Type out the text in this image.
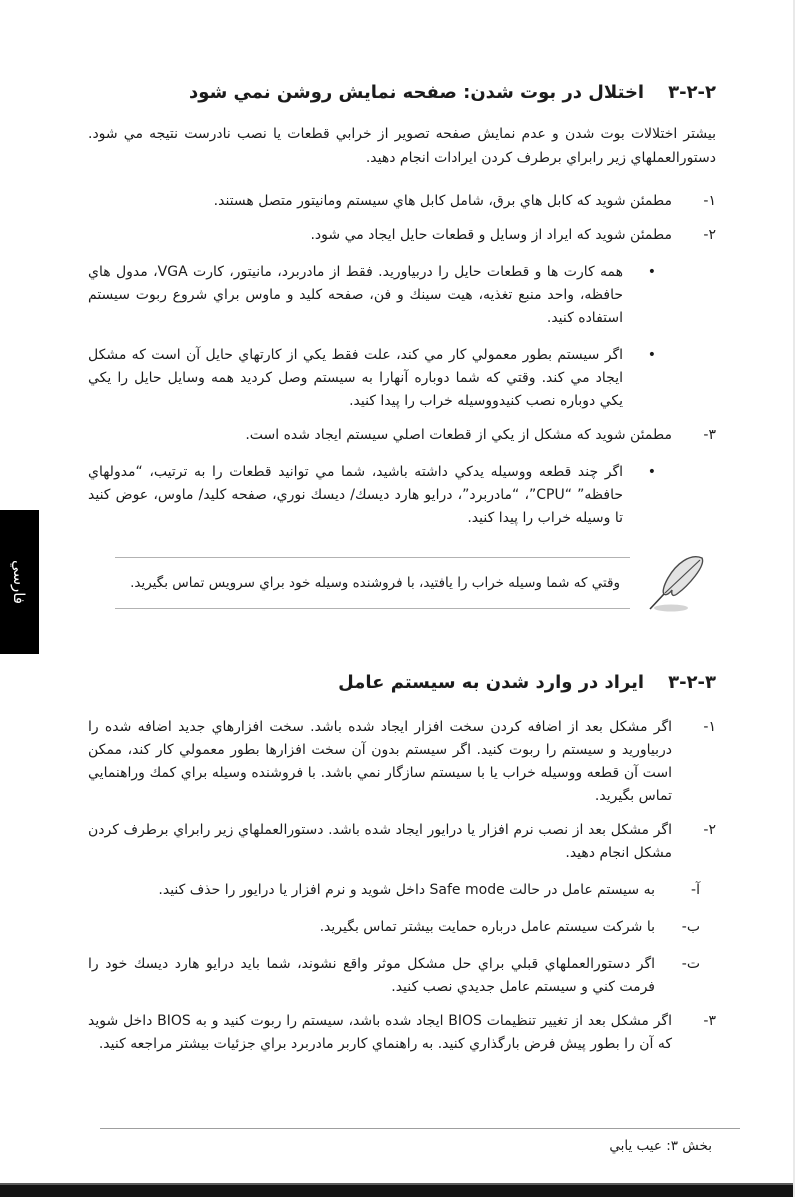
۳-۲-۲
اختلال در بوت شدن: صفحه نمايش روشن نمي شود

بيشتر اختلالات بوت شدن و عدم نمايش صفحه تصوير از خرابي قطعات يا نصب نادرست نتيجه مي شود. دستورالعملهاي زير رابراي برطرف كردن ايرادات انجام دهيد.

۱-
مطمئن شويد كه كابل هاي برق، شامل كابل هاي سيستم ومانيتور متصل هستند.
۲-
مطمئن شويد كه ايراد از وسايل و قطعات حايل ايجاد مي شود.
•
همه كارت ها و قطعات حايل را دربياوريد. فقط از مادربرد، مانيتور، كارت VGA، مدول هاي حافظه، واحد منبع تغذيه، هيت سينك و فن، صفحه كليد و ماوس براي شروع ربوت سيستم استفاده كنيد.
•
اگر سيستم بطور معمولي كار مي كند، علت فقط يكي از كارتهاي حايل آن است كه مشكل ايجاد مي كند. وقتي كه شما دوباره آنهارا به سيستم وصل كرديد همه وسايل حايل را يكي يكي دوباره نصب كنيدووسيله خراب را پيدا كنيد.
۳-
مطمئن شويد كه مشكل از يكي از قطعات اصلي سيستم ايجاد شده است.
•
اگر چند قطعه ووسيله يدكي داشته باشيد، شما مي توانيد قطعات را به ترتيب، “مدولهاي حافظه” “CPU”، “مادربرد”، درايو هارد ديسك/ ديسك نوري، صفحه كليد/ ماوس، عوض كنيد تا وسيله خراب را پيدا كنيد.
وقتي كه شما وسيله خراب را يافتيد، با فروشنده وسيله خود براي سرويس تماس بگيريد.
۳-۲-۳
ايراد در وارد شدن به سيستم عامل
۱-
اگر مشكل بعد از اضافه كردن سخت افزار ايجاد شده باشد. سخت افزارهاي جديد اضافه شده را دربياوريد و سيستم را ربوت كنيد. اگر سيستم بدون آن سخت افزارها بطور معمولي كار كند، ممكن است آن قطعه ووسيله خراب يا با سيستم سازگار نمي باشد. با فروشنده وسيله براي كمك وراهنمايي تماس بگيريد.
۲-
اگر مشكل بعد از نصب نرم افزار يا درايور ايجاد شده باشد. دستورالعملهاي زير رابراي برطرف كردن مشكل انجام دهيد.
آ-
به سيستم عامل در حالت Safe mode داخل شويد و نرم افزار يا درايور را حذف كنيد.
ب-
با شركت سيستم عامل درباره حمايت بيشتر تماس بگيريد.
ت-
اگر دستورالعملهاي قبلي براي حل مشكل موثر واقع نشوند، شما بايد درايو هارد ديسك خود را فرمت كني و سيستم عامل جديدي نصب كنيد.
۳-
اگر مشكل بعد از تغيير تنظيمات BIOS ايجاد شده باشد، سيستم را ربوت كنيد و به BIOS داخل شويد كه آن را بطور پيش فرض بارگذاري كنيد. به راهنماي كاربر مادربرد براي جزئيات بيشتر مراجعه كنيد.
فارسي

بخش ۳: عيب يابي
